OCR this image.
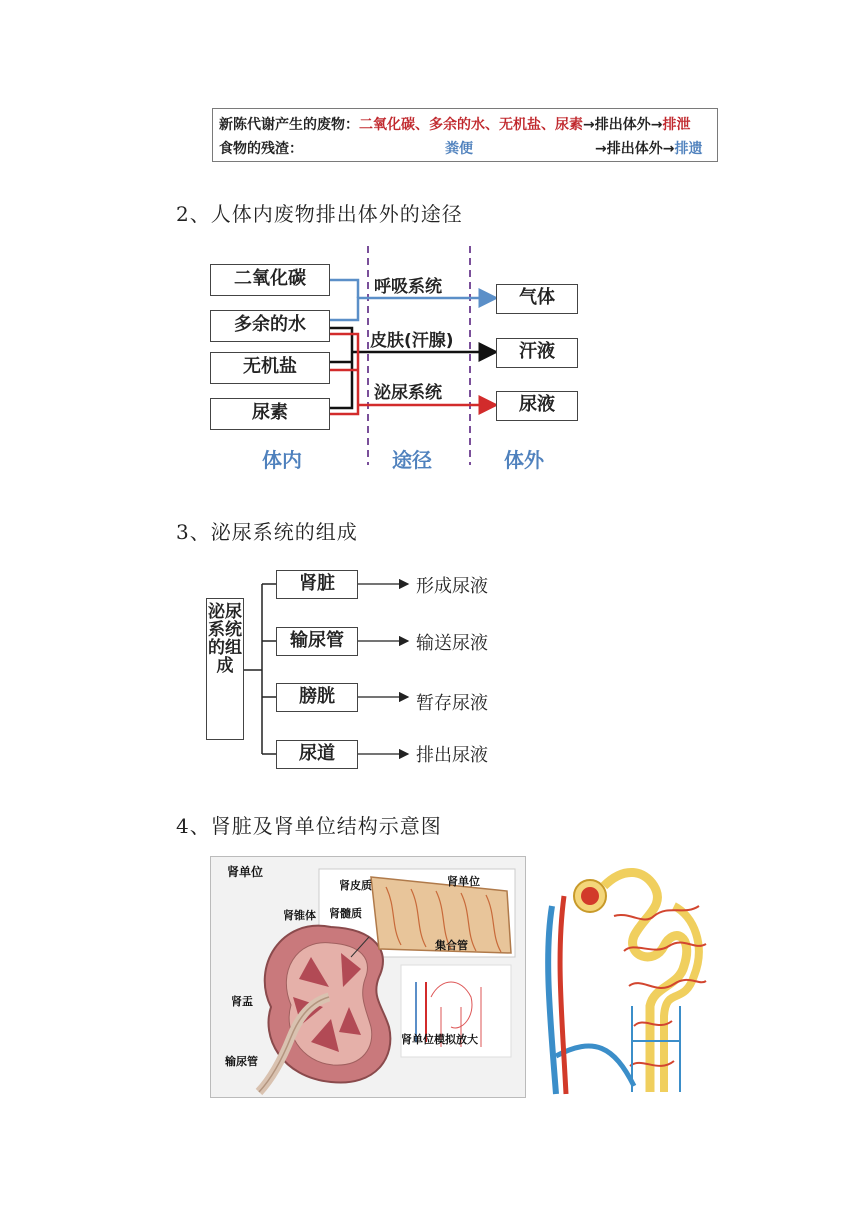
新陈代谢产生的废物：二氧化碳、多余的水、无机盐、尿素→排出体外→排泄
食物的残渣：	粪便	→排出体外→排遗
2、人体内废物排出体外的途径
二氧化碳
多余的水
无机盐
尿素
呼吸系统
皮肤(汗腺)
泌尿系统
气体
汗液
尿液
体内	途径	体外
3、泌尿系统的组成
泌尿系统的组成
肾脏
输尿管
膀胱
尿道
形成尿液
输送尿液
暂存尿液
排出尿液
4、肾脏及肾单位结构示意图
肾单位
肾皮质	肾单位
肾锥体 肾髓质
集合管
肾盂
输尿管
肾单位模拟放大
